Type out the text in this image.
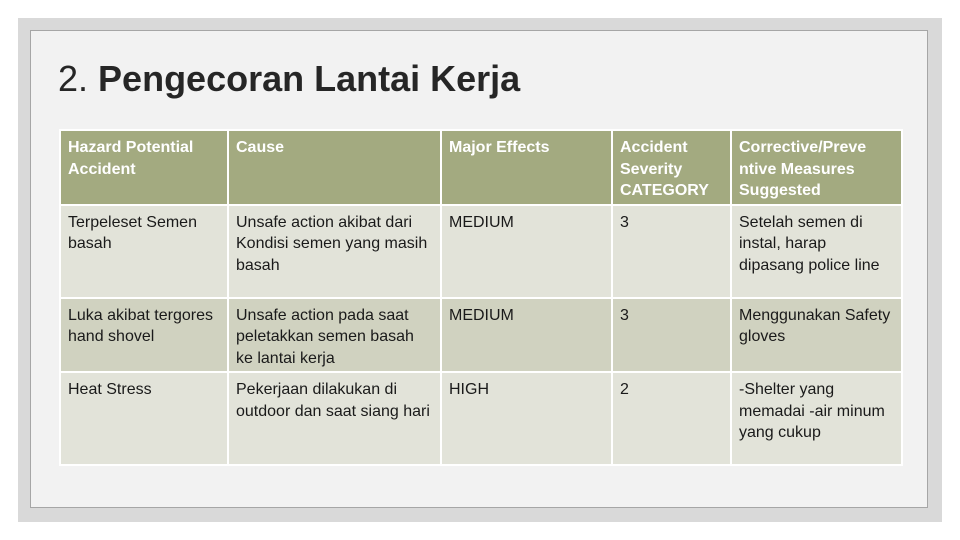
2. Pengecoran Lantai Kerja
Hazard Potential Accident	Cause	Major Effects	Accident Severity CATEGORY	Corrective/Preve ntive Measures Suggested
Terpeleset Semen basah	Unsafe action akibat dari Kondisi semen yang masih basah	MEDIUM	3	Setelah semen di instal, harap dipasang police line
Luka akibat tergores hand shovel	Unsafe action pada saat peletakkan semen basah ke lantai kerja	MEDIUM	3	Menggunakan Safety gloves
Heat Stress	Pekerjaan dilakukan di outdoor dan saat siang hari	HIGH	2	-Shelter yang memadai -air minum yang cukup
